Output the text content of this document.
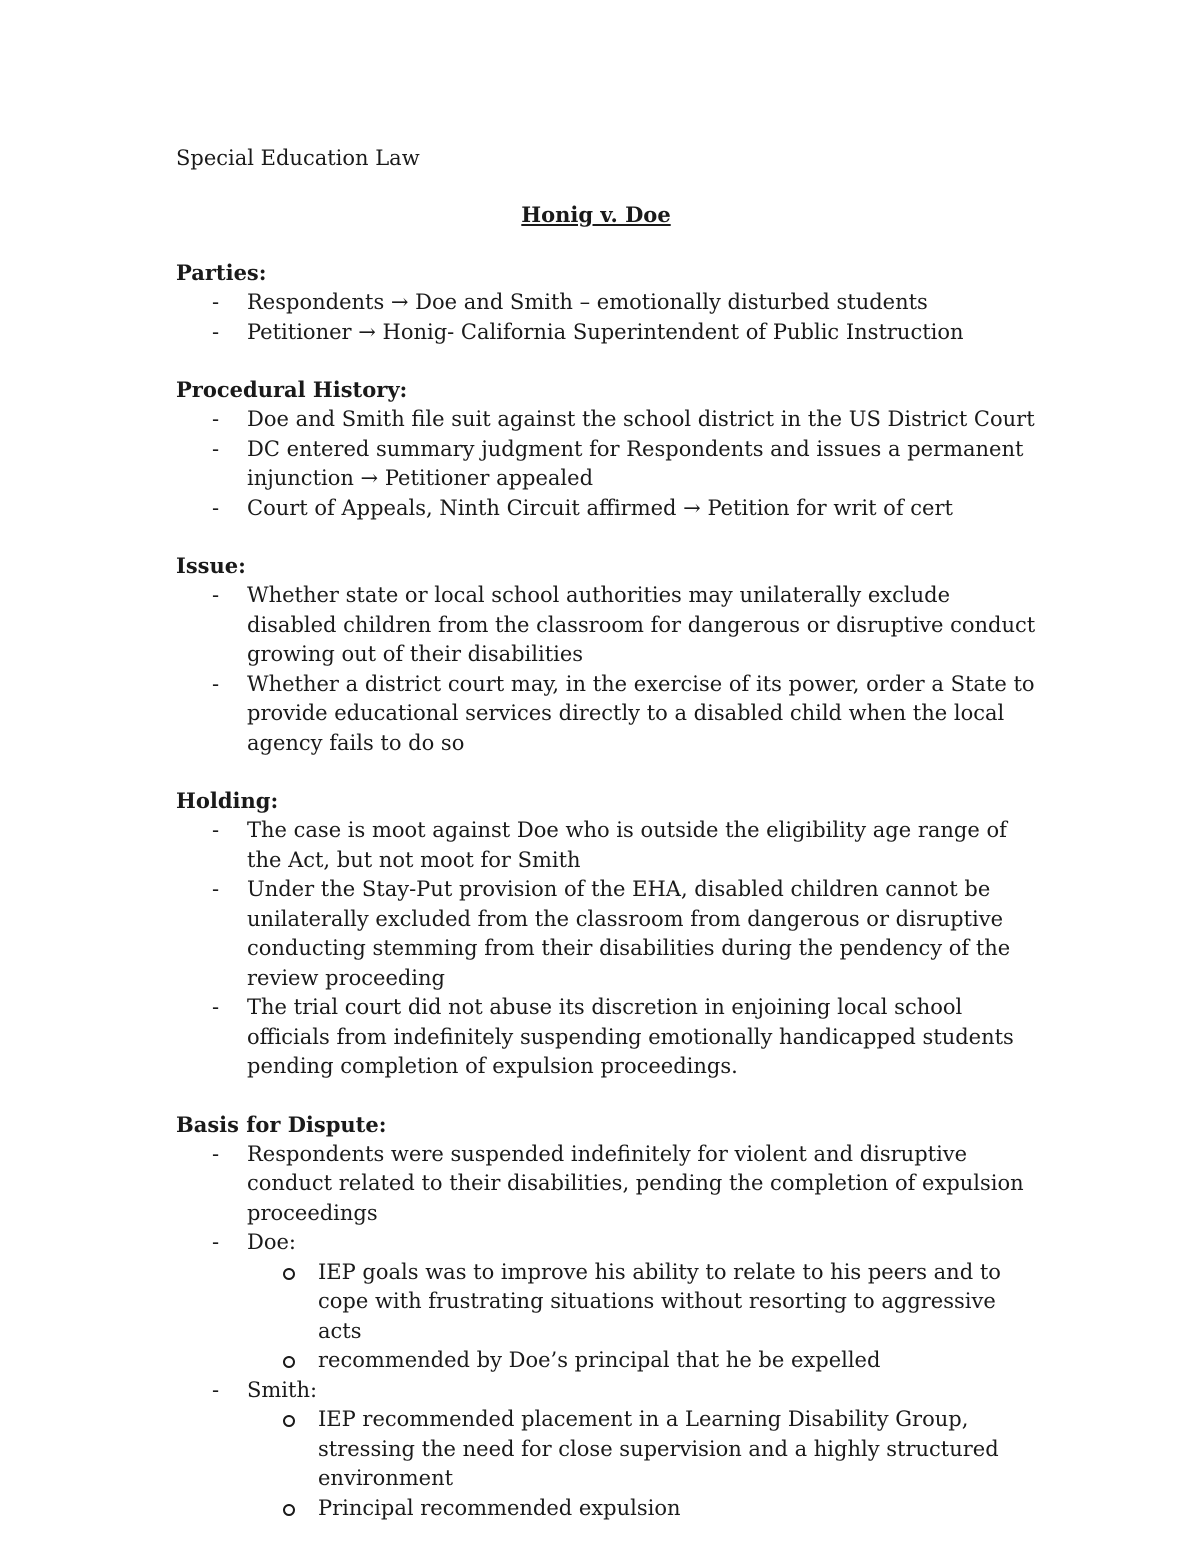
Special Education Law

Honig v. Doe
Parties:
- Respondents → Doe and Smith – emotionally disturbed students
- Petitioner → Honig- California Superintendent of Public Instruction
Procedural History:
- Doe and Smith file suit against the school district in the US District Court
- DC entered summary judgment for Respondents and issues a permanent injunction → Petitioner appealed
- Court of Appeals, Ninth Circuit affirmed → Petition for writ of cert
Issue:
- Whether state or local school authorities may unilaterally exclude disabled children from the classroom for dangerous or disruptive conduct growing out of their disabilities
- Whether a district court may, in the exercise of its power, order a State to provide educational services directly to a disabled child when the local agency fails to do so
Holding:
- The case is moot against Doe who is outside the eligibility age range of the Act, but not moot for Smith
- Under the Stay-Put provision of the EHA, disabled children cannot be unilaterally excluded from the classroom from dangerous or disruptive conducting stemming from their disabilities during the pendency of the review proceeding
- The trial court did not abuse its discretion in enjoining local school officials from indefinitely suspending emotionally handicapped students pending completion of expulsion proceedings.
Basis for Dispute:
- Respondents were suspended indefinitely for violent and disruptive conduct related to their disabilities, pending the completion of expulsion proceedings
- Doe:
IEP goals was to improve his ability to relate to his peers and to cope with frustrating situations without resorting to aggressive acts
recommended by Doe’s principal that he be expelled
- Smith:
IEP recommended placement in a Learning Disability Group, stressing the need for close supervision and a highly structured environment
Principal recommended expulsion
